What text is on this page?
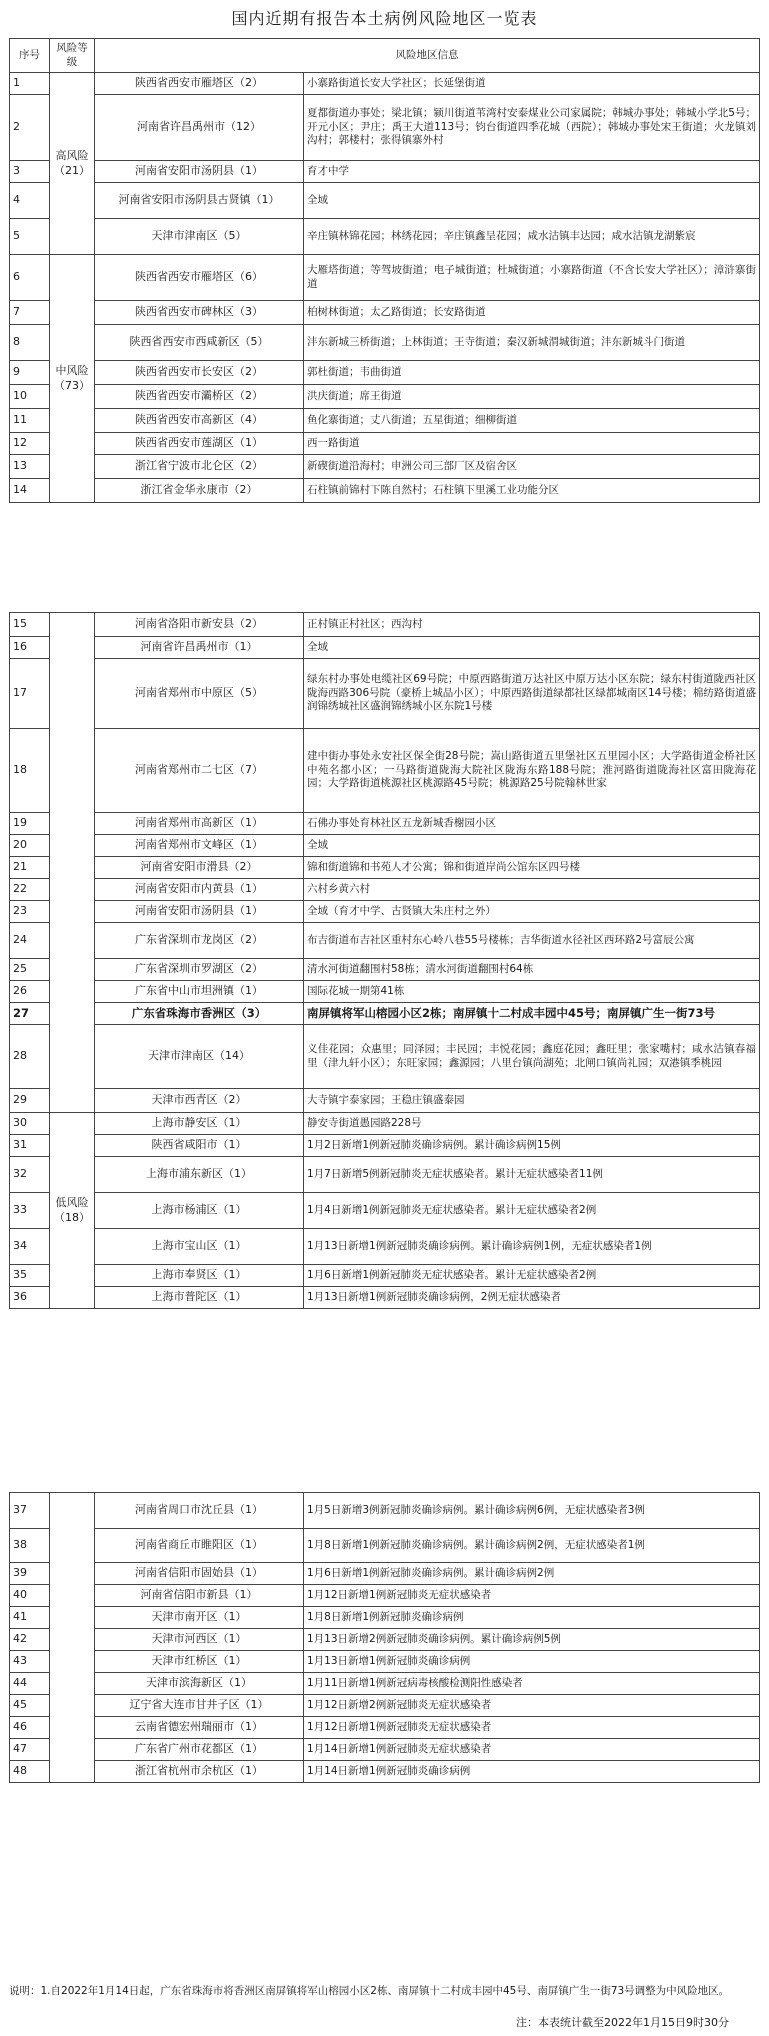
国内近期有报告本土病例风险地区一览表
序号	风险等级	风险地区信息	
1	高风险（21）	陕西省西安市雁塔区（2）	小寨路街道长安大学社区；长延堡街道
2		河南省许昌禹州市（12）	夏都街道办事处；梁北镇；颍川街道苇湾村安泰煤业公司家属院；韩城办事处；韩城小学北5号；开元小区；尹庄；禹王大道113号；钧台街道四季花城（西院）；韩城办事处宋王街道；火龙镇刘沟村；郭楼村；张得镇寨外村
3		河南省安阳市汤阴县（1）	育才中学
4		河南省安阳市汤阴县古贤镇（1）	全域
5		天津市津南区（5）	辛庄镇林锦花园；林绣花园；辛庄镇鑫呈花园；咸水沽镇丰达园；咸水沽镇龙湖紫宸
6	中风险（73）	陕西省西安市雁塔区（6）	大雁塔街道；等驾坡街道；电子城街道；杜城街道；小寨路街道（不含长安大学社区）；漳浒寨街道
7		陕西省西安市碑林区（3）	柏树林街道；太乙路街道；长安路街道
8		陕西省西安市西咸新区（5）	沣东新城三桥街道；上林街道；王寺街道；秦汉新城渭城街道；沣东新城斗门街道
9		陕西省西安市长安区（2）	郭杜街道；韦曲街道
10		陕西省西安市灞桥区（2）	洪庆街道；席王街道
11		陕西省西安市高新区（4）	鱼化寨街道；丈八街道；五星街道；细柳街道
12		陕西省西安市莲湖区（1）	西一路街道
13		浙江省宁波市北仑区（2）	新碶街道沿海村；申洲公司三部厂区及宿舍区
14		浙江省金华永康市（2）	石柱镇前锦村下陈自然村；石柱镇下里溪工业功能分区
15		河南省洛阳市新安县（2）	正村镇正村社区；西沟村
16		河南省许昌禹州市（1）	全域
17		河南省郑州市中原区（5）	绿东村办事处电缆社区69号院；中原西路街道万达社区中原万达小区东院；绿东村街道陇西社区陇海西路306号院（豪桥上城品小区）；中原西路街道绿都社区绿都城南区14号楼；棉纺路街道盛润锦绣城社区盛润锦绣城小区东院1号楼
18		河南省郑州市二七区（7）	建中街办事处永安社区保全街28号院；嵩山路街道五里堡社区五里园小区；大学路街道金桥社区中苑名都小区；一马路街道陇海大院社区陇海东路188号院；淮河路街道陇海社区富田陇海花园；大学路街道桃源社区桃源路45号院；桃源路25号院翰林世家
19		河南省郑州市高新区（1）	石佛办事处育林社区五龙新城香榭园小区
20		河南省郑州市文峰区（1）	全域
21		河南省安阳市滑县（2）	锦和街道锦和书苑人才公寓；锦和街道岸尚公馆东区四号楼
22		河南省安阳市内黄县（1）	六村乡黄六村
23		河南省安阳市汤阴县（1）	全域（育才中学、古贤镇大朱庄村之外）
24		广东省深圳市龙岗区（2）	布吉街道布吉社区重村东心岭八巷55号楼栋；吉华街道水径社区西环路2号富辰公寓
25		广东省深圳市罗湖区（2）	清水河街道翻围村58栋；清水河街道翻围村64栋
26		广东省中山市坦洲镇（1）	国际花城一期第41栋
27		广东省珠海市香洲区（3）	南屏镇将军山榕园小区2栋；南屏镇十二村成丰园中45号；南屏镇广生一街73号
28		天津市津南区（14）	义佳花园；众惠里；同泽园；丰民园；丰悦花园；鑫庭花园；鑫旺里；张家嘴村；咸水沽镇春福里（津九轩小区）；东旺家园；鑫源园；八里台镇尚湖苑；北闸口镇尚礼园；双港镇季桃园
29		天津市西青区（2）	大寺镇宇泰家园；王稳庄镇盛泰园
30	低风险（18）	上海市静安区（1）	静安寺街道愚园路228号
31		陕西省咸阳市（1）	1月2日新增1例新冠肺炎确诊病例。累计确诊病例15例
32		上海市浦东新区（1）	1月7日新增5例新冠肺炎无症状感染者。累计无症状感染者11例
33		上海市杨浦区（1）	1月4日新增1例新冠肺炎无症状感染者。累计无症状感染者2例
34		上海市宝山区（1）	1月13日新增1例新冠肺炎确诊病例。累计确诊病例1例，无症状感染者1例
35		上海市奉贤区（1）	1月6日新增1例新冠肺炎无症状感染者。累计无症状感染者2例
36		上海市普陀区（1）	1月13日新增1例新冠肺炎确诊病例，2例无症状感染者
37		河南省周口市沈丘县（1）	1月5日新增3例新冠肺炎确诊病例。累计确诊病例6例，无症状感染者3例
38		河南省商丘市睢阳区（1）	1月8日新增1例新冠肺炎确诊病例。累计确诊病例2例，无症状感染者1例
39		河南省信阳市固始县（1）	1月6日新增1例新冠肺炎确诊病例。累计确诊病例2例
40		河南省信阳市新县（1）	1月12日新增1例新冠肺炎无症状感染者
41		天津市南开区（1）	1月8日新增1例新冠肺炎确诊病例
42		天津市河西区（1）	1月13日新增2例新冠肺炎确诊病例。累计确诊病例5例
43		天津市红桥区（1）	1月13日新增1例新冠肺炎确诊病例
44		天津市滨海新区（1）	1月11日新增1例新冠病毒核酸检测阳性感染者
45		辽宁省大连市甘井子区（1）	1月12日新增2例新冠肺炎无症状感染者
46		云南省德宏州瑞丽市（1）	1月12日新增1例新冠肺炎无症状感染者
47		广东省广州市花都区（1）	1月14日新增1例新冠肺炎无症状感染者
48		浙江省杭州市余杭区（1）	1月14日新增1例新冠肺炎确诊病例
说明：1.自2022年1月14日起，广东省珠海市将香洲区南屏镇将军山榕园小区2栋、南屏镇十二村成丰园中45号、南屏镇广生一街73号调整为中风险地区。
注：本表统计截至2022年1月15日9时30分
